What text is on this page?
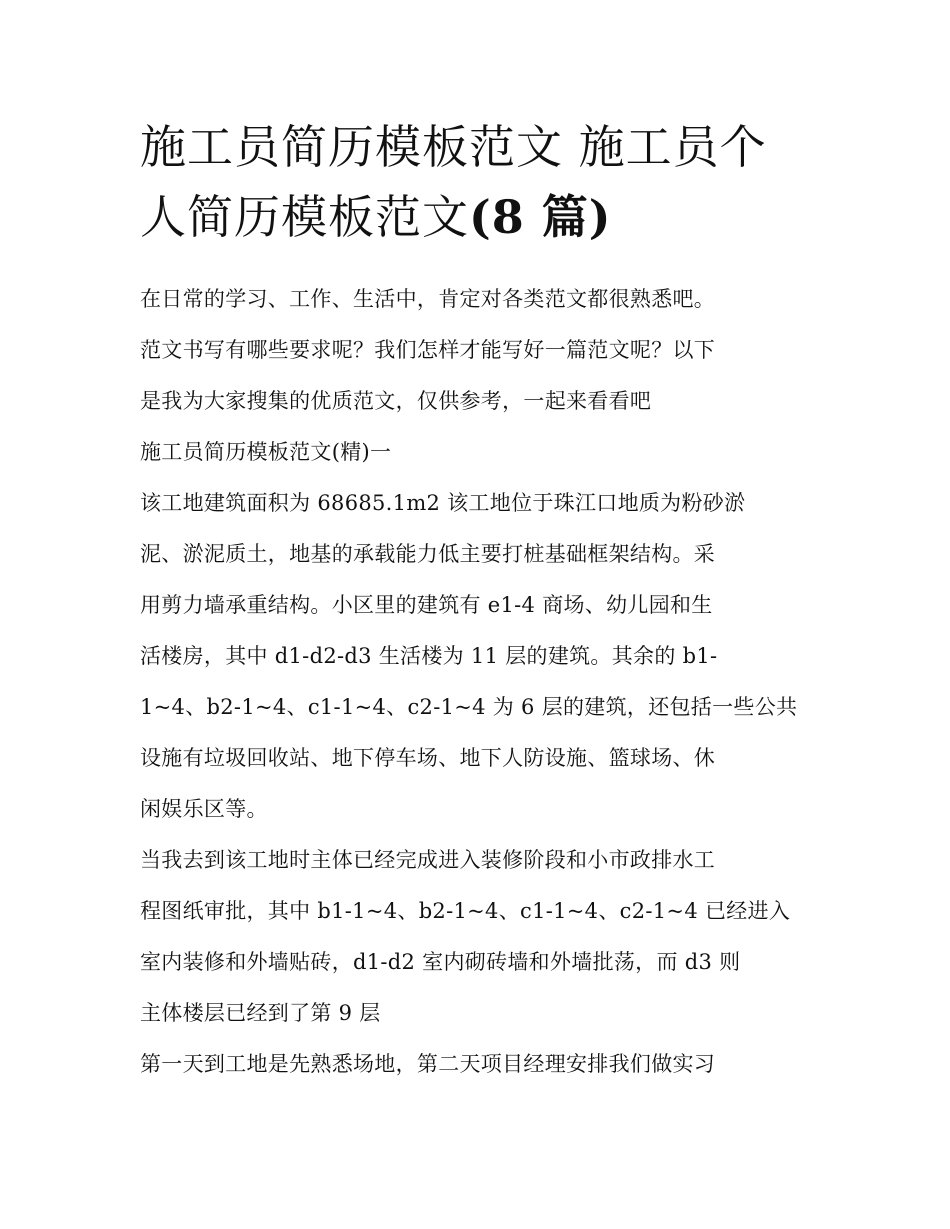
施工员简历模板范文 施工员个
人简历模板范文(8 篇)

在日常的学习、工作、生活中，肯定对各类范文都很熟悉吧。

范文书写有哪些要求呢？我们怎样才能写好一篇范文呢？以下

是我为大家搜集的优质范文，仅供参考，一起来看看吧

施工员简历模板范文(精)一

该工地建筑面积为 68685.1m2 该工地位于珠江口地质为粉砂淤

泥、淤泥质土，地基的承载能力低主要打桩基础框架结构。采

用剪力墙承重结构。小区里的建筑有 e1-4 商场、幼儿园和生

活楼房，其中 d1-d2-d3 生活楼为 11 层的建筑。其余的 b1-

1~4、b2-1~4、c1-1~4、c2-1~4 为 6 层的建筑，还包括一些公共

设施有垃圾回收站、地下停车场、地下人防设施、篮球场、休

闲娱乐区等。

当我去到该工地时主体已经完成进入装修阶段和小市政排水工

程图纸审批，其中 b1-1~4、b2-1~4、c1-1~4、c2-1~4 已经进入

室内装修和外墙贴砖，d1-d2 室内砌砖墙和外墙批荡，而 d3 则

主体楼层已经到了第 9 层

第一天到工地是先熟悉场地，第二天项目经理安排我们做实习
